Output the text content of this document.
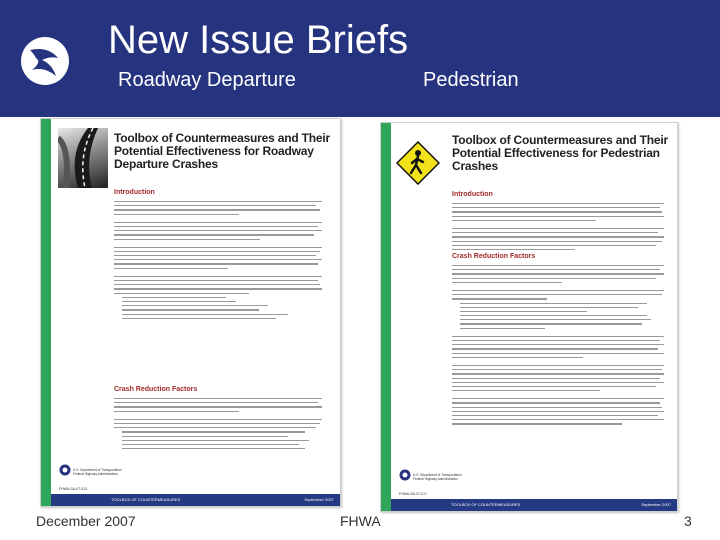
New Issue Briefs
Roadway Departure	Pedestrian
Toolbox of Countermeasures and Their Potential Effectiveness for Roadway Departure Crashes
Introduction
Crash Reduction Factors
U.S. Department of Transportation
Federal Highway Administration
FHWA-SA-07-013
TOOLBOX OF COUNTERMEASURES	September 2007
Toolbox of Countermeasures and Their Potential Effectiveness for Pedestrian Crashes
Introduction
Crash Reduction Factors
U.S. Department of Transportation
Federal Highway Administration
FHWA-SA-07-017
TOOLBOX OF COUNTERMEASURES	September 2007
December 2007	FHWA	3
